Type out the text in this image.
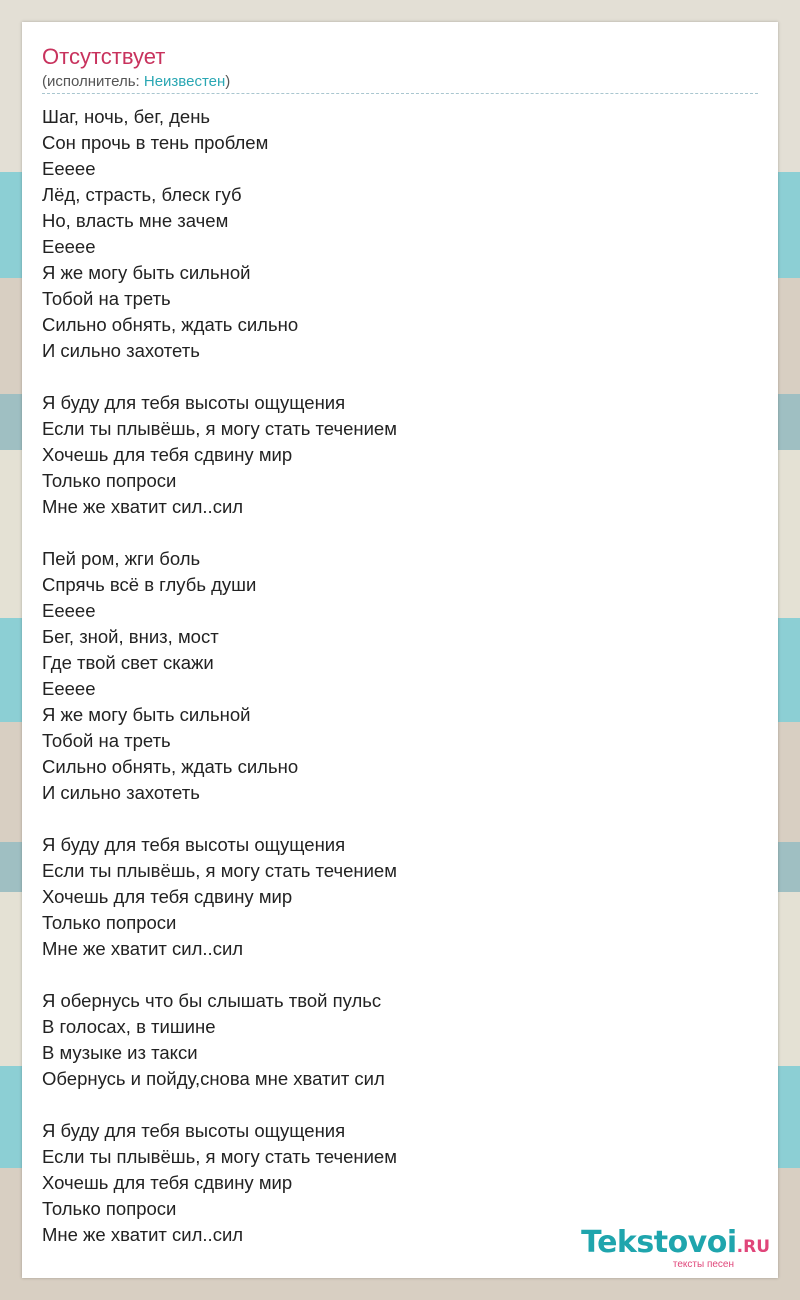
Отсутствует
(исполнитель: Неизвестен)
Шаг, ночь, бег, день
Сон прочь в тень проблем
Еееее
Лёд, страсть, блеск губ
Но, власть мне зачем
Еееее
Я же могу быть сильной
Тобой на треть
Сильно обнять, ждать сильно
И сильно захотеть
Я буду для тебя высоты ощущения
Если ты плывёшь, я могу стать течением
Хочешь для тебя сдвину мир
Только попроси
Мне же хватит сил..сил
Пей ром, жги боль
Спрячь всё в глубь души
Еееее
Бег, зной, вниз, мост
Где твой свет скажи
Еееее
Я же могу быть сильной
Тобой на треть
Сильно обнять, ждать сильно
И сильно захотеть
Я буду для тебя высоты ощущения
Если ты плывёшь, я могу стать течением
Хочешь для тебя сдвину мир
Только попроси
Мне же хватит сил..сил
Я обернусь что бы слышать твой пульс
В голосах, в тишине
В музыке из такси
Обернусь и пойду,снова мне хватит сил
Я буду для тебя высоты ощущения
Если ты плывёшь, я могу стать течением
Хочешь для тебя сдвину мир
Только попроси
Мне же хватит сил..сил	Tekstovoi.RU
тексты песен
